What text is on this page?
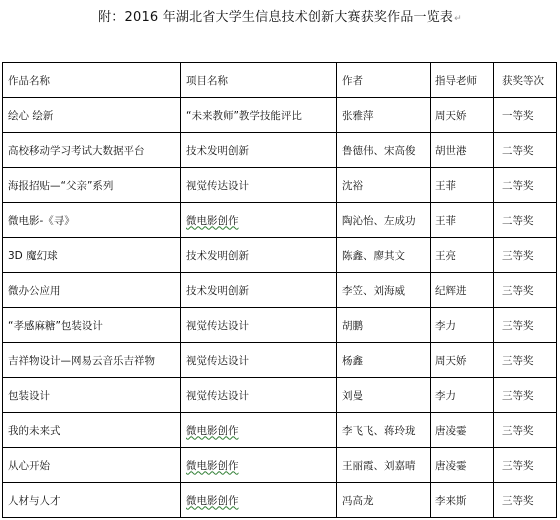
附：2016 年湖北省大学生信息技术创新大赛获奖作品一览表↵
作品名称	项目名称	作者	指导老师	获奖等次
绘心 绘新	“未来教师”教学技能评比	张雅萍	周天娇	一等奖
高校移动学习考试大数据平台	技术发明创新	鲁德伟、宋高俊	胡世港	二等奖
海报招贴—“父亲”系列	视觉传达设计	沈裕	王菲	二等奖
微电影-《寻》	微电影创作	陶沁怡、左成功	王菲	二等奖
3D 魔幻球	技术发明创新	陈鑫、廖其文	王亮	三等奖
微办公应用	技术发明创新	李笠、刘海威	纪辉进	三等奖
“孝感麻糖”包装设计	视觉传达设计	胡鹏	李力	三等奖
吉祥物设计—网易云音乐吉祥物	视觉传达设计	杨鑫	周天娇	三等奖
包装设计	视觉传达设计	刘曼	李力	三等奖
我的未来式	微电影创作	李飞飞、蒋玲珑	唐凌霎	三等奖
从心开始	微电影创作	王丽霞、刘嘉晴	唐凌霎	三等奖
人材与人才	微电影创作	冯高龙	李来斯	三等奖
